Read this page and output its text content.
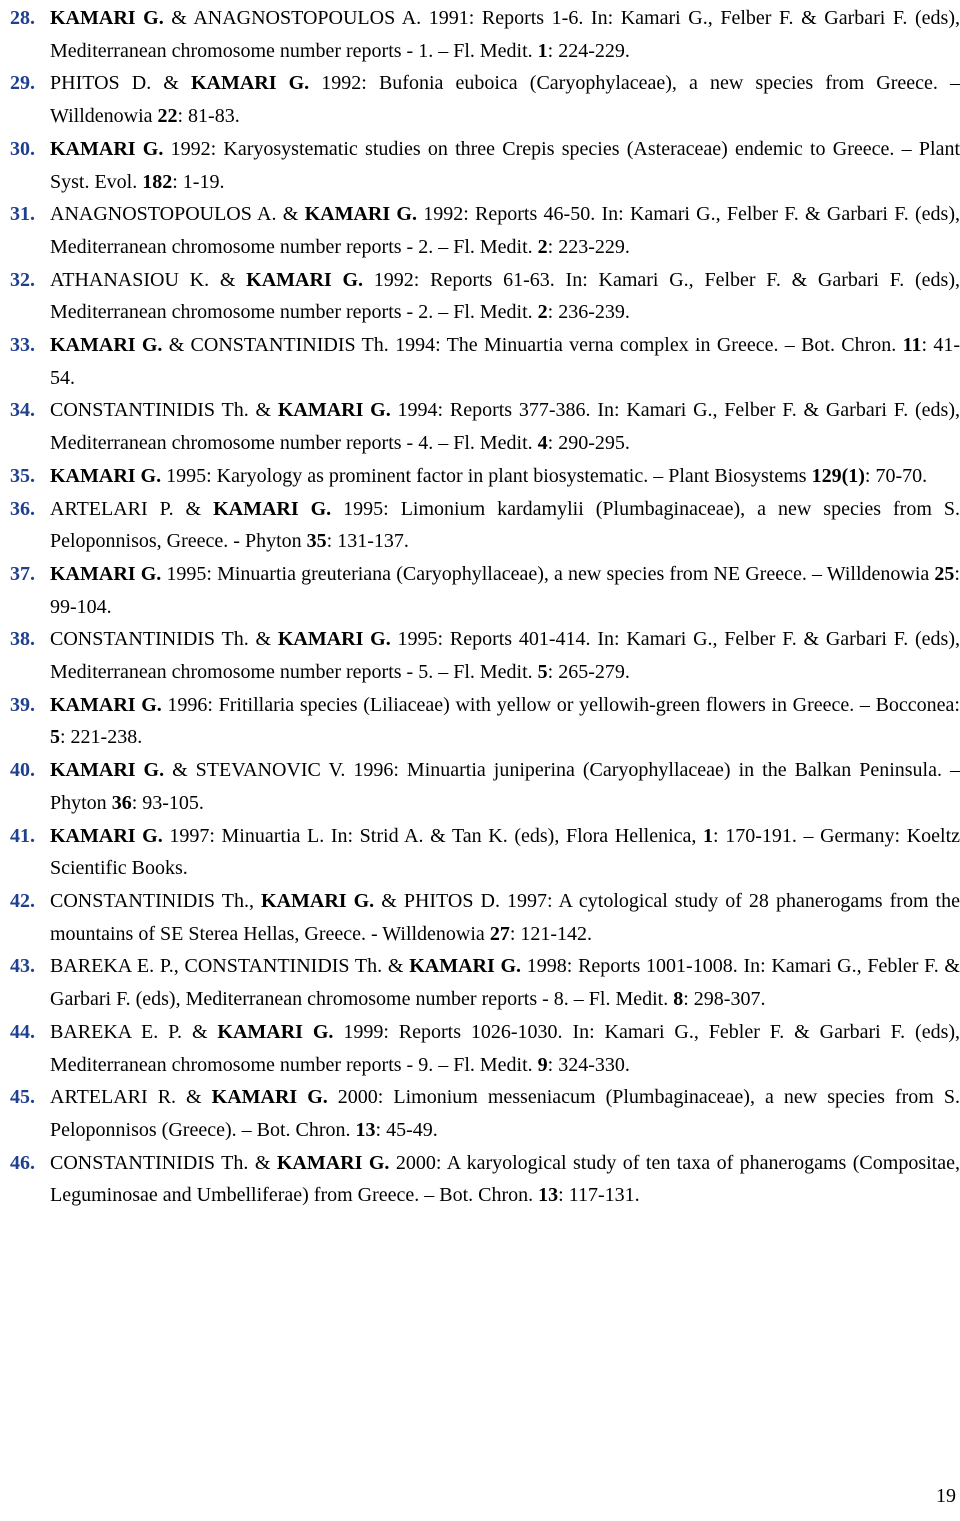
28. KAMARI G. & ANAGNOSTOPOULOS A. 1991: Reports 1-6. In: Kamari G., Felber F. & Garbari F. (eds), Mediterranean chromosome number reports - 1. – Fl. Medit. 1: 224-229.
29. PHITOS D. & KAMARI G. 1992: Bufonia euboica (Caryophylaceae), a new species from Greece. – Willdenowia 22: 81-83.
30. KAMARI G. 1992: Karyosystematic studies on three Crepis species (Asteraceae) endemic to Greece. – Plant Syst. Evol. 182: 1-19.
31. ANAGNOSTOPOULOS A. & KAMARI G. 1992: Reports 46-50. In: Kamari G., Felber F. & Garbari F. (eds), Mediterranean chromosome number reports - 2. – Fl. Medit. 2: 223-229.
32. ATHANASIOU K. & KAMARI G. 1992: Reports 61-63. In: Kamari G., Felber F. & Garbari F. (eds), Mediterranean chromosome number reports - 2. – Fl. Medit. 2: 236-239.
33. KAMARI G. & CONSTANTINIDIS Th. 1994: The Minuartia verna complex in Greece. – Bot. Chron. 11: 41-54.
34. CONSTANTINIDIS Th. & KAMARI G. 1994: Reports 377-386. In: Kamari G., Felber F. & Garbari F. (eds), Mediterranean chromosome number reports - 4. – Fl. Medit. 4: 290-295.
35. KAMARI G. 1995: Karyology as prominent factor in plant biosystematic. – Plant Biosystems 129(1): 70-70.
36. ARTELARI P. & KAMARI G. 1995: Limonium kardamylii (Plumbaginaceae), a new species from S. Peloponnisos, Greece. - Phyton 35: 131-137.
37. KAMARI G. 1995: Minuartia greuteriana (Caryophyllaceae), a new species from NE Greece. – Willdenowia 25: 99-104.
38. CONSTANTINIDIS Th. & KAMARI G. 1995: Reports 401-414. In: Kamari G., Felber F. & Garbari F. (eds), Mediterranean chromosome number reports - 5. – Fl. Medit. 5: 265-279.
39. KAMARI G. 1996: Fritillaria species (Liliaceae) with yellow or yellowih-green flowers in Greece. – Bocconea: 5: 221-238.
40. KAMARI G. & STEVANOVIC V. 1996: Minuartia juniperina (Caryophyllaceae) in the Balkan Peninsula. – Phyton 36: 93-105.
41. KAMARI G. 1997: Minuartia L. In: Strid A. & Tan K. (eds), Flora Hellenica, 1: 170-191. – Germany: Koeltz Scientific Books.
42. CONSTANTINIDIS Th., KAMARI G. & PHITOS D. 1997: A cytological study of 28 phanerogams from the mountains of SE Sterea Hellas, Greece. - Willdenowia 27: 121-142.
43. BAREKA E. P., CONSTANTINIDIS Th. & KAMARI G. 1998: Reports 1001-1008. In: Kamari G., Febler F. & Garbari F. (eds), Mediterranean chromosome number reports - 8. – Fl. Medit. 8: 298-307.
44. BAREKA E. P. & KAMARI G. 1999: Reports 1026-1030. In: Kamari G., Febler F. & Garbari F. (eds), Mediterranean chromosome number reports - 9. – Fl. Medit. 9: 324-330.
45. ARTELARI R. & KAMARI G. 2000: Limonium messeniacum (Plumbaginaceae), a new species from S. Peloponnisos (Greece). – Bot. Chron. 13: 45-49.
46. CONSTANTINIDIS Th. & KAMARI G. 2000: A karyological study of ten taxa of phanerogams (Compositae, Leguminosae and Umbelliferae) from Greece. – Bot. Chron. 13: 117-131.
19
